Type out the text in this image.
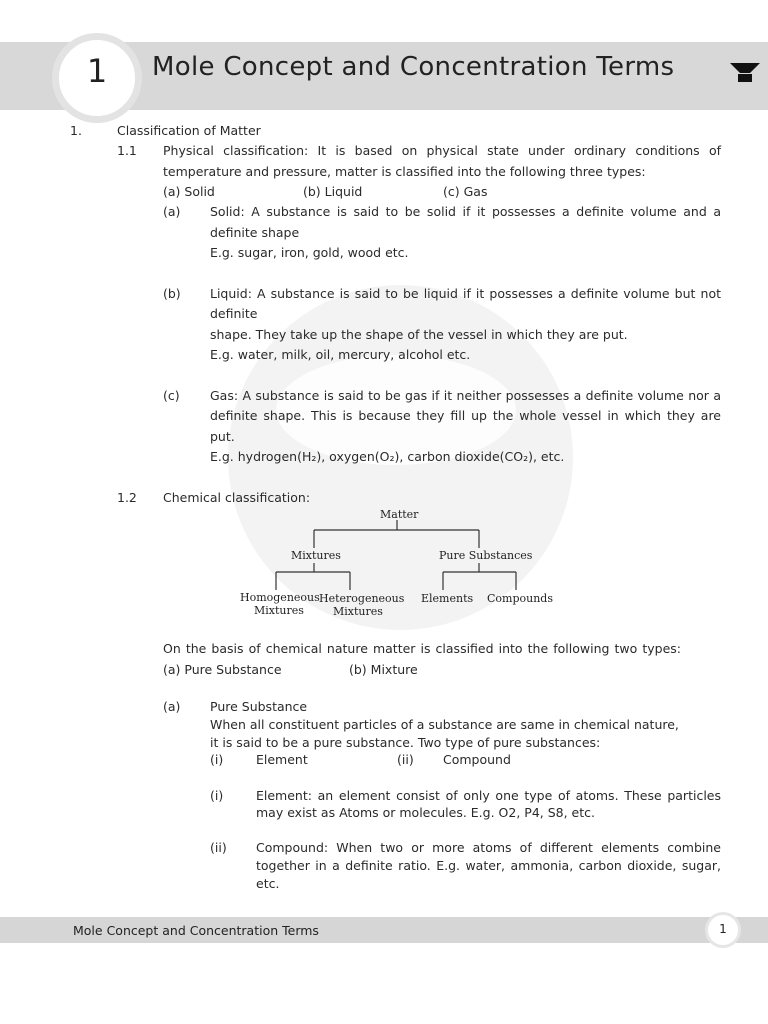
1	Mole Concept and Concentration Terms
1.	Classification of Matter
1.1 Physical classification: It is based on physical state under ordinary conditions of
temperature and pressure, matter is classified into the following three types:
(a) Solid	(b) Liquid	(c) Gas
(a) Solid: A substance is said to be solid if it possesses a definite volume and a
definite shape
E.g. sugar, iron, gold, wood etc.
(b) Liquid: A substance is said to be liquid if it possesses a definite volume but not
definite
shape. They take up the shape of the vessel in which they are put.
E.g. water, milk, oil, mercury, alcohol etc.
(c) Gas: A substance is said to be gas if it neither possesses a definite volume nor a
definite shape. This is because they fill up the whole vessel in which they are
put.
E.g. hydrogen(H₂), oxygen(O₂), carbon dioxide(CO₂), etc.
1.2 Chemical classification:
Matter
Mixtures	Pure Substances
Homogeneous
Mixtures
Heterogeneous
Mixtures
Elements Compounds
On the basis of chemical nature matter is classified into the following two types:
(a) Pure Substance	(b) Mixture
(a) Pure Substance
When all constituent particles of a substance are same in chemical nature,
it is said to be a pure substance. Two type of pure substances:
(i)	Element	(ii) Compound
(i)	Element: an element consist of only one type of atoms. These particles
may exist as Atoms or molecules. E.g. O2, P4, S8, etc.
(ii) Compound: When two or more atoms of different elements combine
together in a definite ratio. E.g. water, ammonia, carbon dioxide, sugar,
etc.
Mole Concept and Concentration Terms	1
